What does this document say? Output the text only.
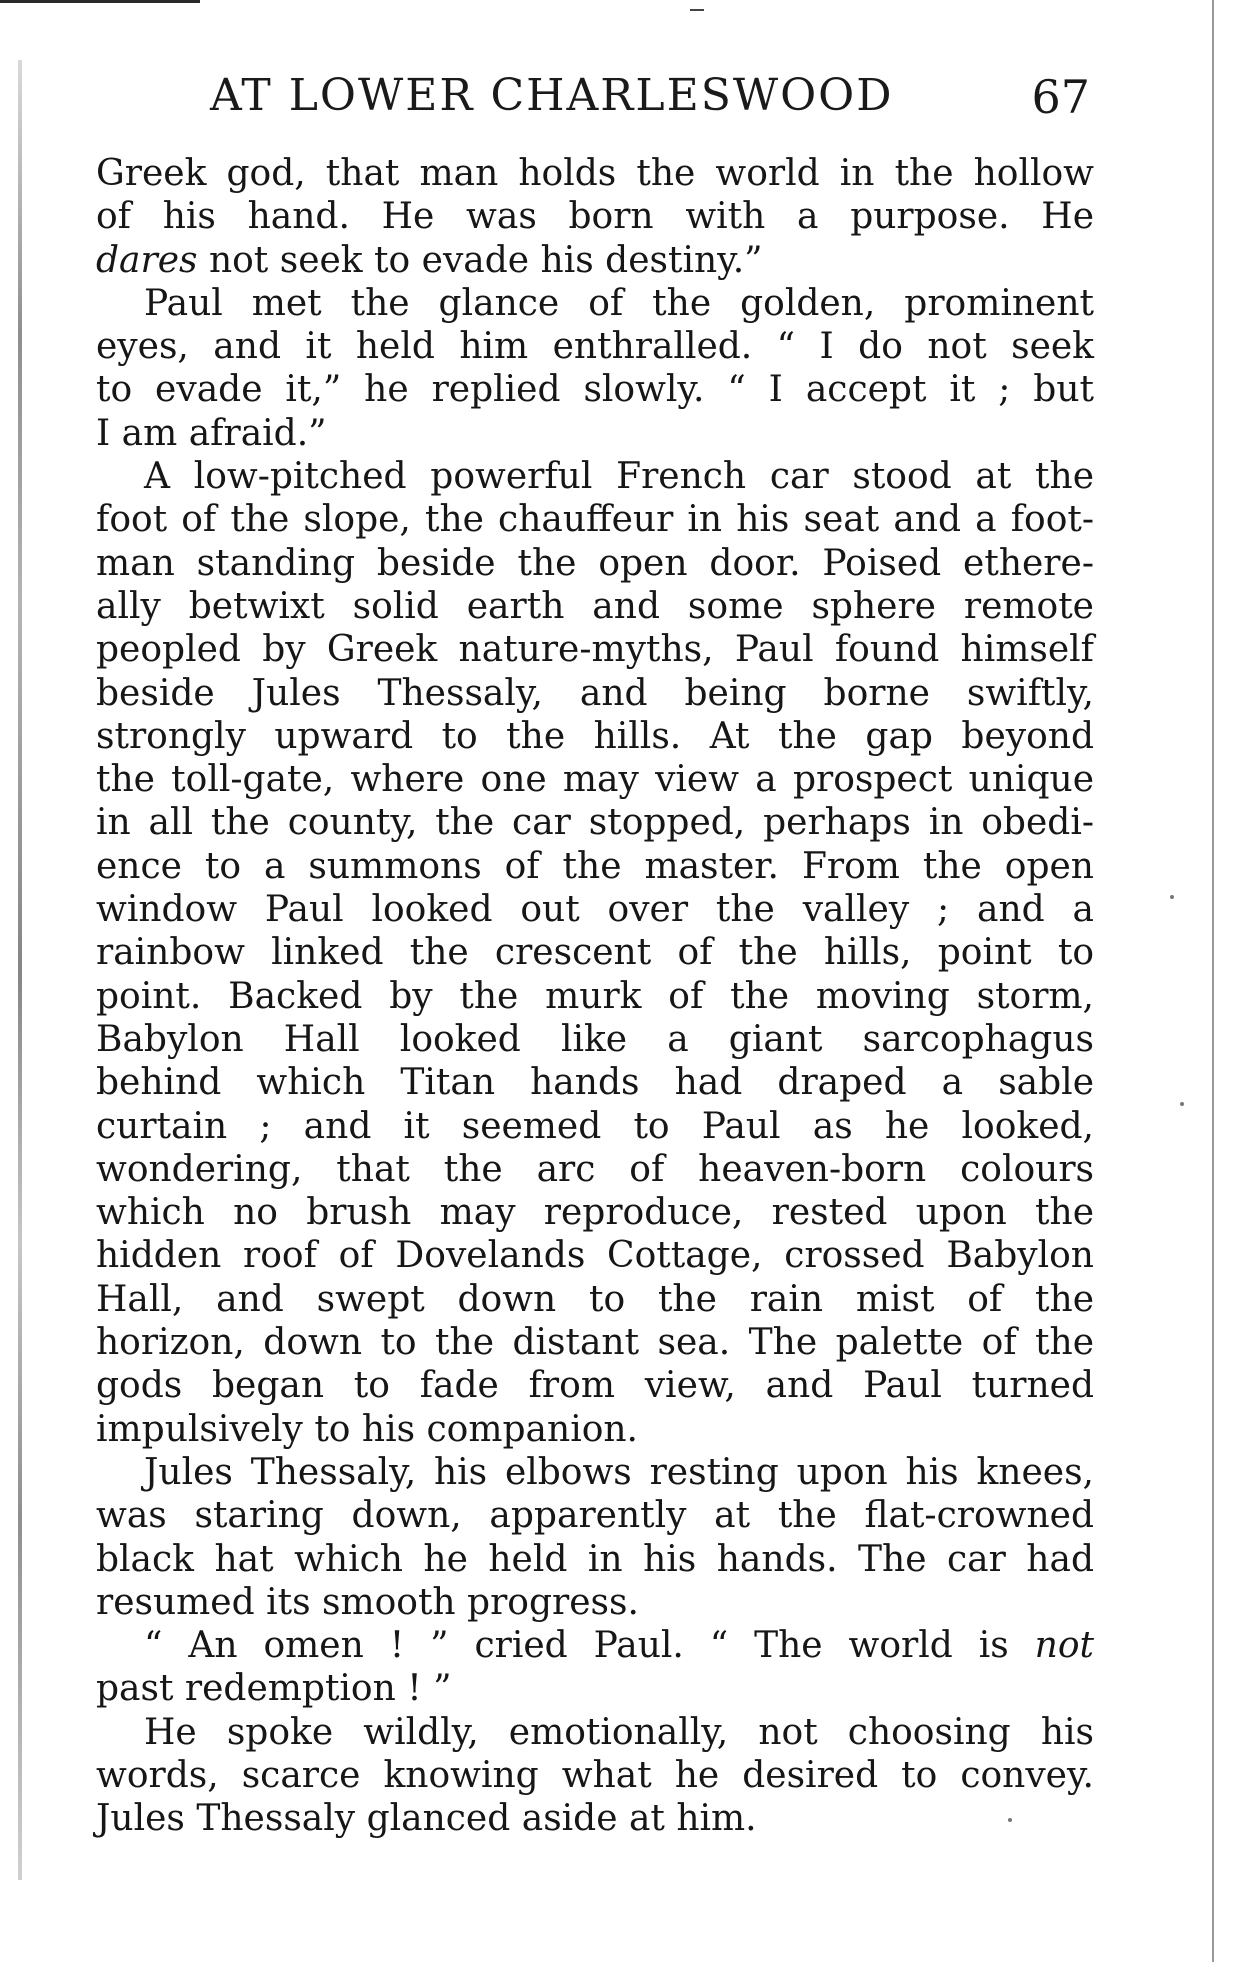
AT LOWER CHARLESWOOD	67
Greek god, that man holds the world in the hollow
of his hand. He was born with a purpose. He
dares not seek to evade his destiny.”
Paul met the glance of the golden, prominent
eyes, and it held him enthralled. “ I do not seek
to evade it,” he replied slowly. “ I accept it ; but
I am afraid.”
A low-pitched powerful French car stood at the
foot of the slope, the chauffeur in his seat and a foot-
man standing beside the open door. Poised ethere-
ally betwixt solid earth and some sphere remote
peopled by Greek nature-myths, Paul found himself
beside Jules Thessaly, and being borne swiftly,
strongly upward to the hills. At the gap beyond
the toll-gate, where one may view a prospect unique
in all the county, the car stopped, perhaps in obedi-
ence to a summons of the master. From the open
window Paul looked out over the valley ; and a
rainbow linked the crescent of the hills, point to
point. Backed by the murk of the moving storm,
Babylon Hall looked like a giant sarcophagus
behind which Titan hands had draped a sable
curtain ; and it seemed to Paul as he looked,
wondering, that the arc of heaven-born colours
which no brush may reproduce, rested upon the
hidden roof of Dovelands Cottage, crossed Babylon
Hall, and swept down to the rain mist of the
horizon, down to the distant sea. The palette of the
gods began to fade from view, and Paul turned
impulsively to his companion.
Jules Thessaly, his elbows resting upon his knees,
was staring down, apparently at the flat-crowned
black hat which he held in his hands. The car had
resumed its smooth progress.
“ An omen ! ” cried Paul. “ The world is not
past redemption ! ”
He spoke wildly, emotionally, not choosing his
words, scarce knowing what he desired to convey.
Jules Thessaly glanced aside at him.
